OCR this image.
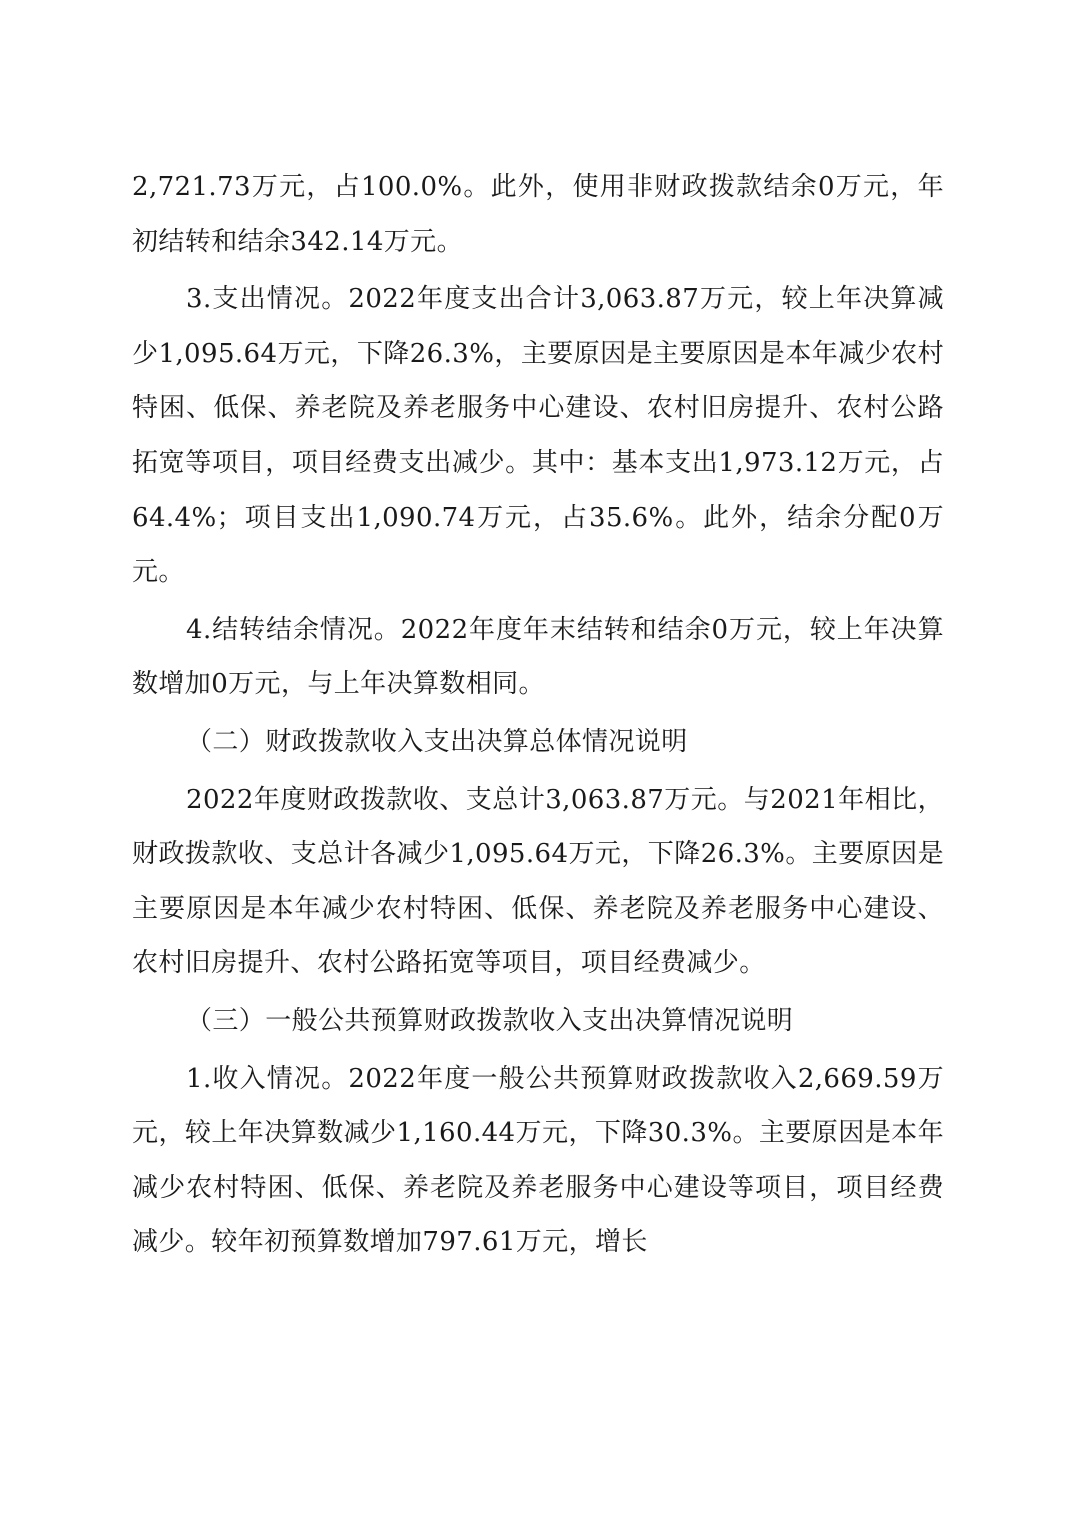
2,721.73万元，占100.0%。此外，使用非财政拨款结余0万元，年初结转和结余342.14万元。

3.支出情况。2022年度支出合计3,063.87万元，较上年决算减少1,095.64万元，下降26.3%，主要原因是主要原因是本年减少农村特困、低保、养老院及养老服务中心建设、农村旧房提升、农村公路拓宽等项目，项目经费支出减少。其中：基本支出1,973.12万元，占64.4%；项目支出1,090.74万元，占35.6%。此外，结余分配0万元。

4.结转结余情况。2022年度年末结转和结余0万元，较上年决算数增加0万元，与上年决算数相同。

（二）财政拨款收入支出决算总体情况说明

2022年度财政拨款收、支总计3,063.87万元。与2021年相比，财政拨款收、支总计各减少1,095.64万元，下降26.3%。主要原因是主要原因是本年减少农村特困、低保、养老院及养老服务中心建设、农村旧房提升、农村公路拓宽等项目，项目经费减少。

（三）一般公共预算财政拨款收入支出决算情况说明

1.收入情况。2022年度一般公共预算财政拨款收入2,669.59万元，较上年决算数减少1,160.44万元，下降30.3%。主要原因是本年减少农村特困、低保、养老院及养老服务中心建设等项目，项目经费减少。较年初预算数增加797.61万元，增长
